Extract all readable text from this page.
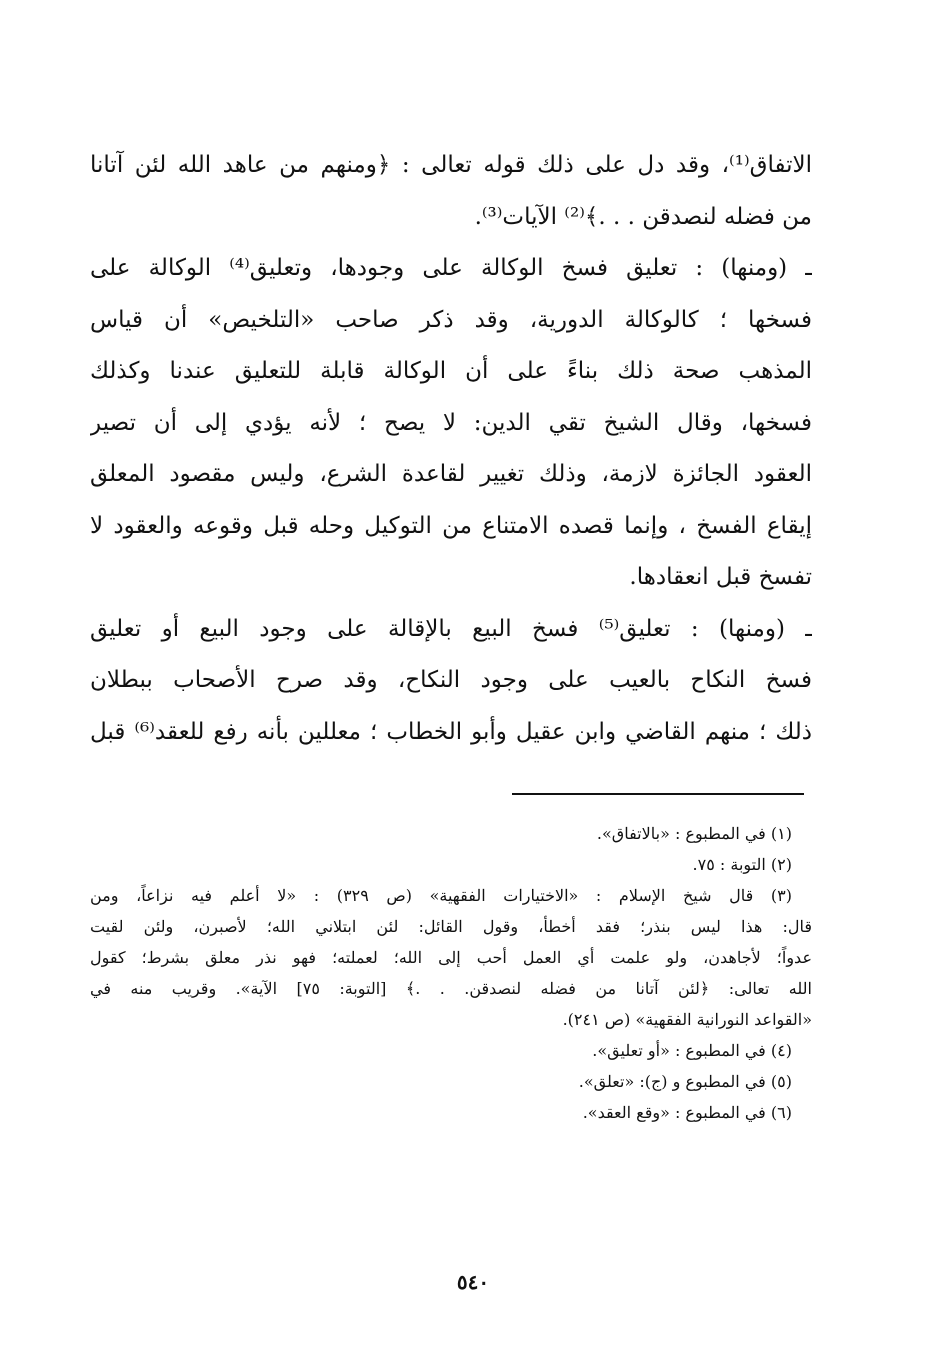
الاتفاق⁽¹⁾، وقد دل على ذلك قوله تعالى : ﴿ومنهم من عاهد الله لئن آتانا
من فضله لنصدقن . . .﴾⁽²⁾ الآيات⁽³⁾.
ـ (ومنها) : تعليق فسخ الوكالة على وجودها، وتعليق⁽⁴⁾ الوكالة على
فسخها ؛ كالوكالة الدورية، وقد ذكر صاحب «التلخيص» أن قياس
المذهب صحة ذلك بناءً على أن الوكالة قابلة للتعليق عندنا وكذلك
فسخها، وقال الشيخ تقي الدين: لا يصح ؛ لأنه يؤدي إلى أن تصير
العقود الجائزة لازمة، وذلك تغيير لقاعدة الشرع، وليس مقصود المعلق
إيقاع الفسخ ، وإنما قصده الامتناع من التوكيل وحله قبل وقوعه والعقود لا
تفسخ قبل انعقادها.
ـ (ومنها) : تعليق⁽⁵⁾ فسخ البيع بالإقالة على وجود البيع أو تعليق
فسخ النكاح بالعيب على وجود النكاح، وقد صرح الأصحاب ببطلان
ذلك ؛ منهم القاضي وابن عقيل وأبو الخطاب ؛ معللين بأنه رفع للعقد⁽⁶⁾ قبل
(١) في المطبوع : «بالاتفاق».
(٢) التوبة : ٧٥.
(٣) قال شيخ الإسلام : «الاختيارات الفقهية» (ص ٣٢٩) : «لا أعلم فيه نزاعاً، ومن
قال: هذا ليس بنذر؛ فقد أخطأ، وقول القائل: لئن ابتلاني الله؛ لأصبرن، ولئن لقيت
عدواً؛ لأجاهدن، ولو علمت أي العمل أحب إلى الله؛ لعملته؛ فهو نذر معلق بشرط؛ كقول
الله تعالى: ﴿لئن آتانا من فضله لنصدقن. . .﴾ [التوبة: ٧٥] الآية». وقريب منه في
«القواعد النورانية الفقهية» (ص ٢٤١).
(٤) في المطبوع : «أو تعليق».
(٥) في المطبوع و (ج): «تعلق».
(٦) في المطبوع : «وقع العقد».
٥٤٠
